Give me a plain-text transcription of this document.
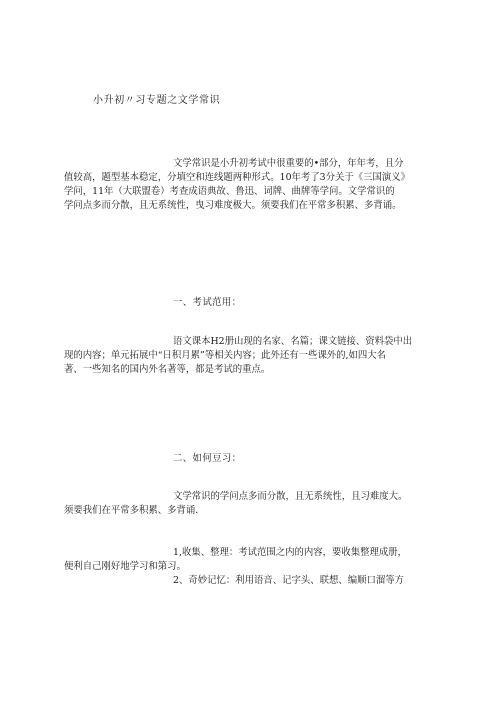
小升初〃习专题之文学常识
文学常识是小升初考试中很重要的•部分，年年考，且分
值较高，题型基本稳定，分填空和连线题两种形式。10年考了3分关于《三国演义》
学问，11年（大联盟卷）考查成语典故、鲁迅、词牌、曲牌等学问。文学常识的
学问点多而分散，且无系统性，曳习难度极大。须要我们在平常多积累、多背诵。
一、考试范用：
语文课本H2册山现的名家、名篇；课文链接、资料袋中出
现的内容；单元拓展中“日积月累”等相关内容；此外还有一些课外的,如四大名
著、一些知名的国内外名著等，都是考试的重点。
二、如何豆习：
文学常识的学问点多而分散，且无系统性，且习难度大。
须要我们在平常多积累、多背诵.
1,收集、整理：考试范围之内的内容，要收集整理成册，
便利自己刚好地学习和第习。
2、奇妙记忆：利用语音、记字头、联想、编顺口溜等方
